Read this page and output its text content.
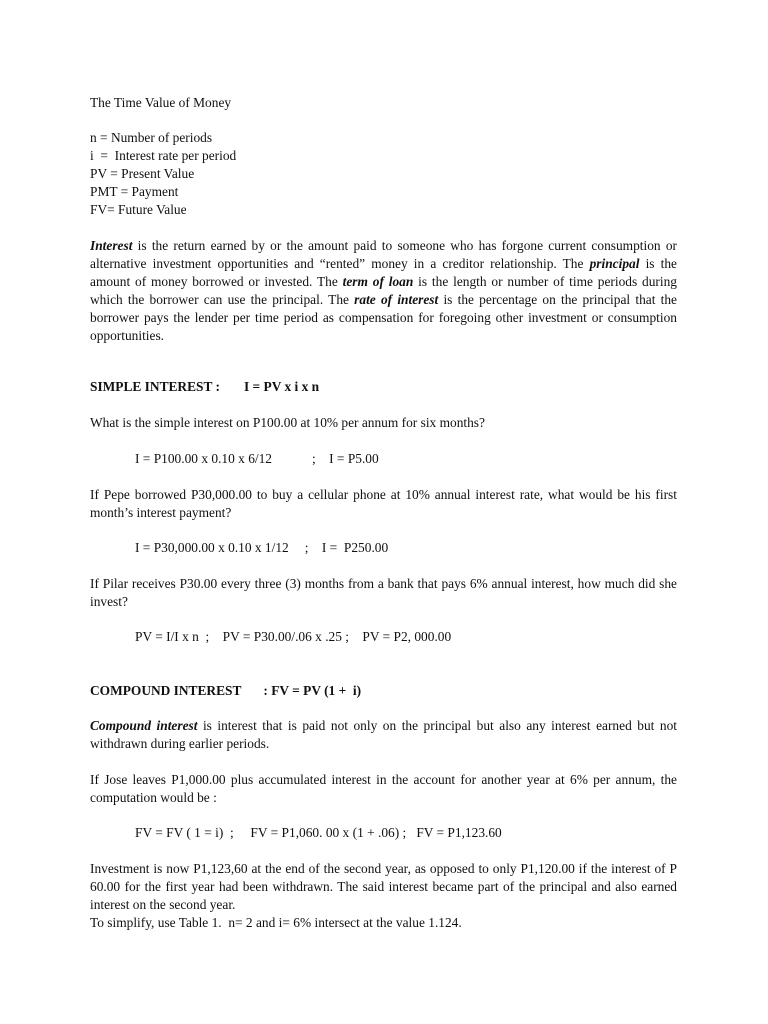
The Time Value of Money
n = Number of periods
i  =  Interest rate per period
PV = Present Value
PMT = Payment
FV= Future Value
Interest is the return earned by or the amount paid to someone who has forgone current consumption or alternative investment opportunities and “rented” money in a creditor relationship. The principal is the amount of money borrowed or invested. The term of loan is the length or number of time periods during which the borrower can use the principal. The rate of interest is the percentage on the principal that the borrower pays the lender per time period as compensation for foregoing other investment or consumption opportunities.
SIMPLE INTEREST : I = PV x i x n
What is the simple interest on P100.00 at 10% per annum for six months?
I = P100.00 x 0.10 x 6/12	;    I = P5.00
If Pepe borrowed P30,000.00 to buy a cellular phone at 10% annual interest rate, what would be his first month’s interest payment?
I = P30,000.00 x 0.10 x 1/12 ;    I =  P250.00
If Pilar receives P30.00 every three (3) months from a bank that pays 6% annual interest, how much did she invest?
PV = I/I x n  ;    PV = P30.00/.06 x .25 ;    PV = P2, 000.00
COMPOUND INTEREST : FV = PV (1 +  i)
Compound interest is interest that is paid not only on the principal but also any interest earned but not withdrawn during earlier periods.
If Jose leaves P1,000.00 plus accumulated interest in the account for another year at 6% per annum, the computation would be :
FV = FV ( 1 = i)  ;     FV = P1,060. 00 x (1 + .06) ;   FV = P1,123.60
Investment is now P1,123,60 at the end of the second year, as opposed to only P1,120.00 if the interest of P 60.00 for the first year had been withdrawn. The said interest became part of the principal and also earned interest on the second year.
To simplify, use Table 1.  n= 2 and i= 6% intersect at the value 1.124.
